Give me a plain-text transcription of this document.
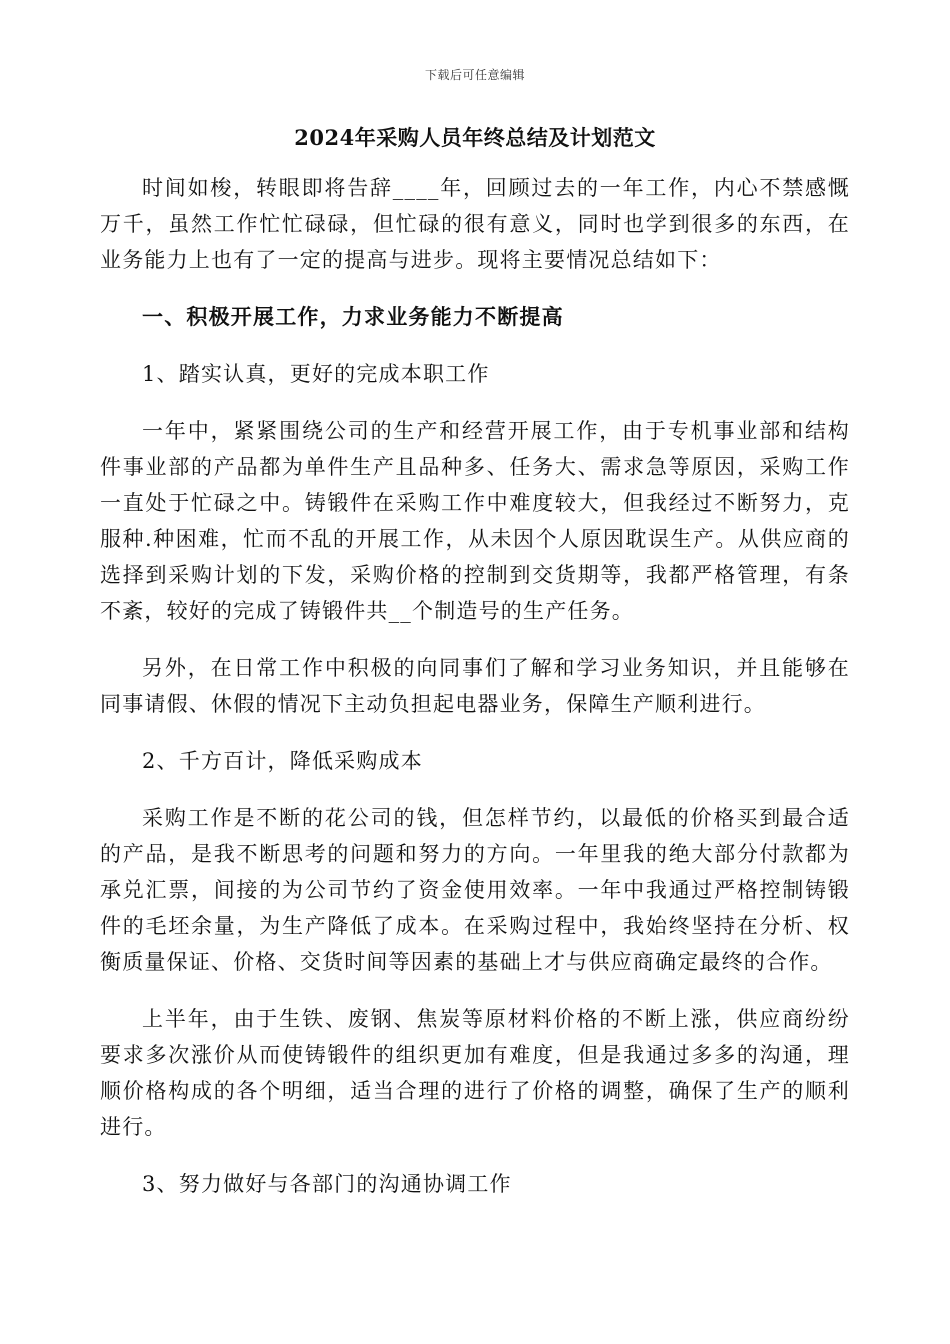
下载后可任意编辑
2024年采购人员年终总结及计划范文

时间如梭，转眼即将告辞____年，回顾过去的一年工作，内心不禁感慨万千，虽然工作忙忙碌碌，但忙碌的很有意义，同时也学到很多的东西，在业务能力上也有了一定的提高与进步。现将主要情况总结如下：

一、积极开展工作，力求业务能力不断提高

1、踏实认真，更好的完成本职工作

一年中，紧紧围绕公司的生产和经营开展工作，由于专机事业部和结构件事业部的产品都为单件生产且品种多、任务大、需求急等原因，采购工作一直处于忙碌之中。铸锻件在采购工作中难度较大，但我经过不断努力，克服种.种困难，忙而不乱的开展工作，从未因个人原因耽误生产。从供应商的选择到采购计划的下发，采购价格的控制到交货期等，我都严格管理，有条不紊，较好的完成了铸锻件共__个制造号的生产任务。

另外，在日常工作中积极的向同事们了解和学习业务知识，并且能够在同事请假、休假的情况下主动负担起电器业务，保障生产顺利进行。

2、千方百计，降低采购成本

采购工作是不断的花公司的钱，但怎样节约，以最低的价格买到最合适的产品，是我不断思考的问题和努力的方向。一年里我的绝大部分付款都为承兑汇票，间接的为公司节约了资金使用效率。一年中我通过严格控制铸锻件的毛坯余量，为生产降低了成本。在采购过程中，我始终坚持在分析、权衡质量保证、价格、交货时间等因素的基础上才与供应商确定最终的合作。

上半年，由于生铁、废钢、焦炭等原材料价格的不断上涨，供应商纷纷要求多次涨价从而使铸锻件的组织更加有难度，但是我通过多多的沟通，理顺价格构成的各个明细，适当合理的进行了价格的调整，确保了生产的顺利进行。

3、努力做好与各部门的沟通协调工作
